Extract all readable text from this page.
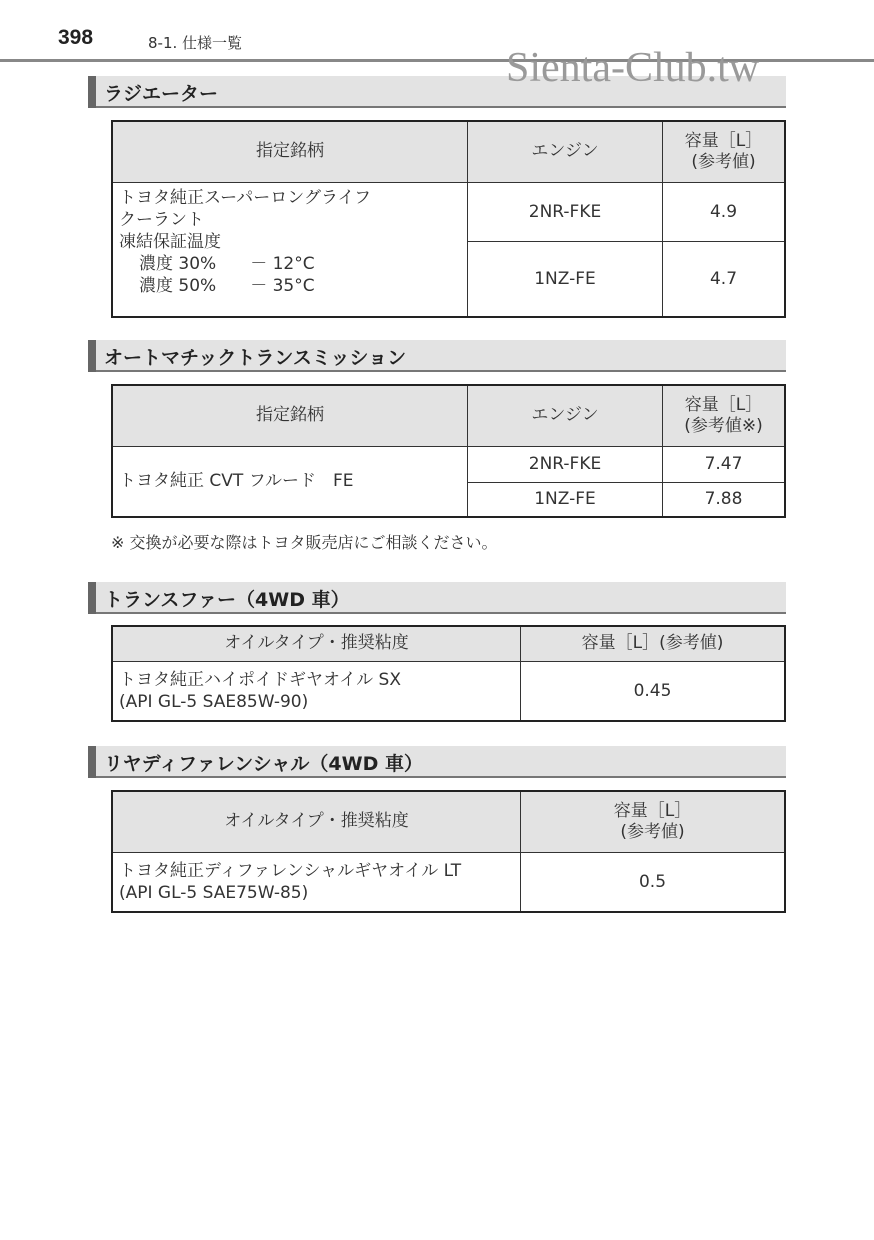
398	8-1. 仕様一覧
ラジエーター
指定銘柄	エンジン	容量［L］
(参考値)

トヨタ純正スーパーロングライフ
クーラント
凍結保証温度
濃度 30%　　－ 12°C
濃度 50%　　－ 35°C	2NR-FKE	4.9
	1NZ-FE	4.7
オートマチックトランスミッション
指定銘柄	エンジン	容量［L］
(参考値※)
トヨタ純正 CVT フルード　FE	2NR-FKE	7.47
	1NZ-FE	7.88
※ 交換が必要な際はトヨタ販売店にご相談ください。
トランスファー（4WD 車）
オイルタイプ・推奨粘度	容量［L］(参考値)

トヨタ純正ハイポイドギヤオイル SX
(API GL-5 SAE85W-90)	0.45
リヤディファレンシャル（4WD 車）
オイルタイプ・推奨粘度	容量［L］
(参考値)

トヨタ純正ディファレンシャルギヤオイル LT
(API GL-5 SAE75W-85)	0.5
Sienta-Club.tw
